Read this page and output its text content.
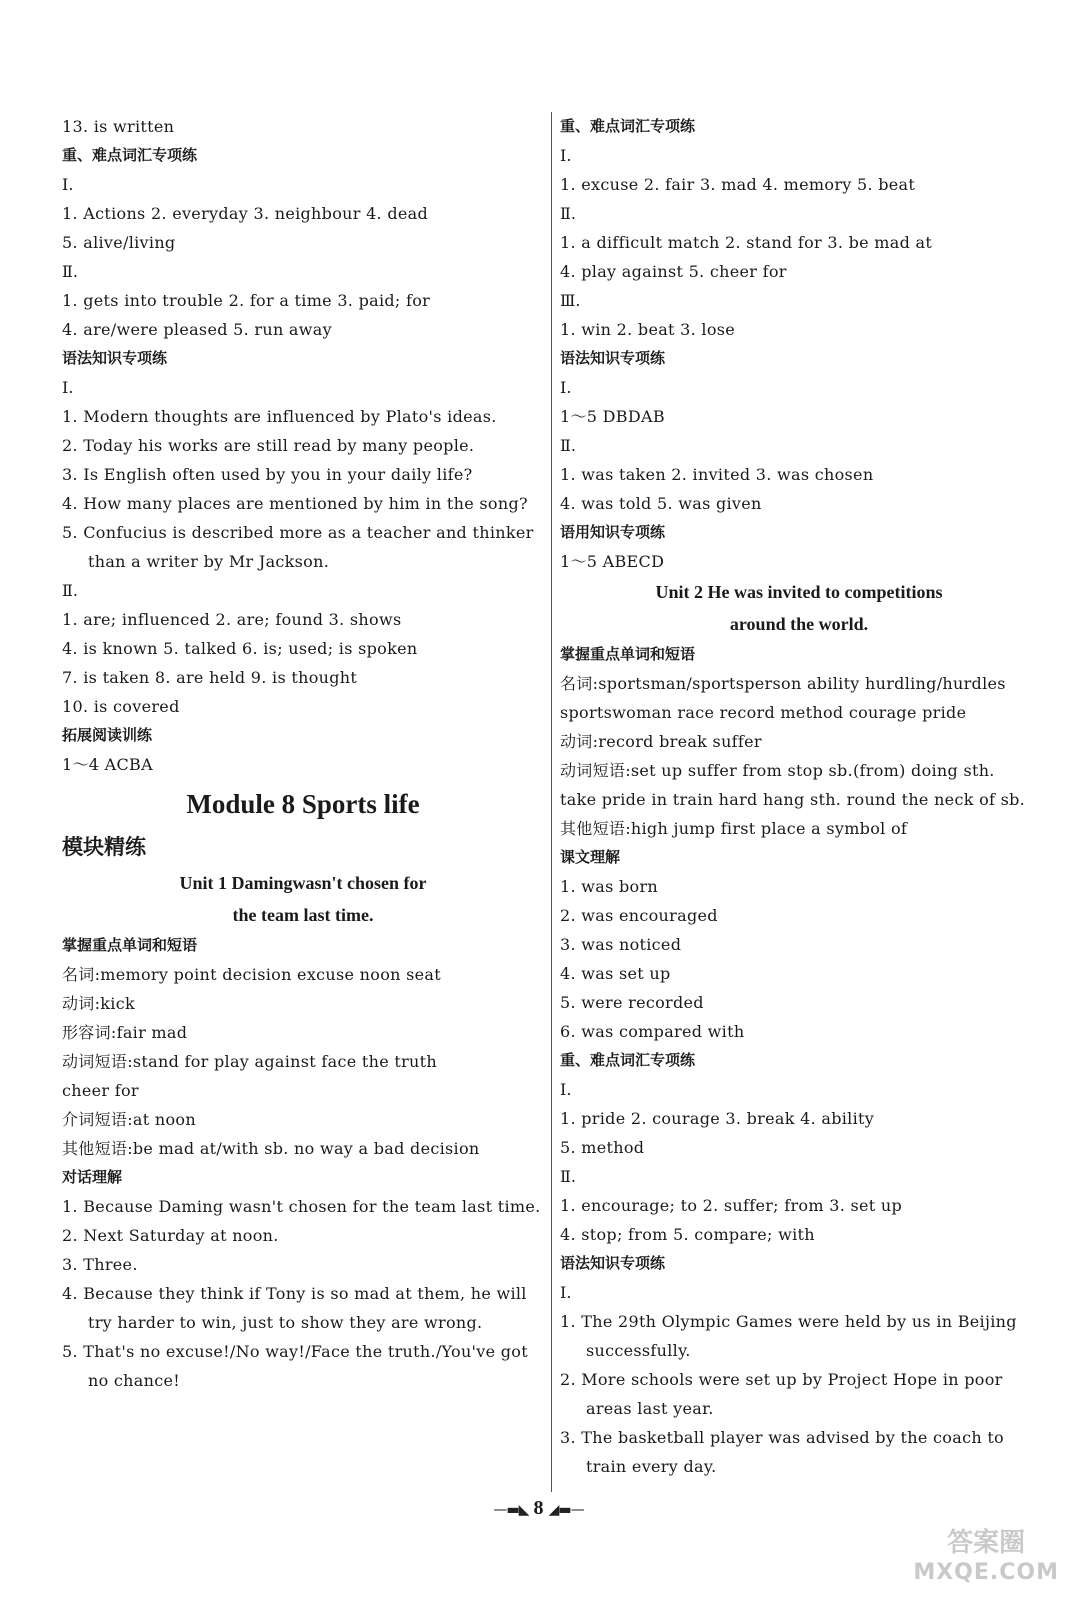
13. is written
重、难点词汇专项练
Ⅰ.
1. Actions 2. everyday 3. neighbour 4. dead
5. alive/living
Ⅱ.
1. gets into trouble 2. for a time 3. paid; for
4. are/were pleased 5. run away
语法知识专项练
Ⅰ.
1. Modern thoughts are influenced by Plato's ideas.
2. Today his works are still read by many people.
3. Is English often used by you in your daily life?
4. How many places are mentioned by him in the song?
5. Confucius is described more as a teacher and thinker than a writer by Mr Jackson.
Ⅱ.
1. are; influenced 2. are; found 3. shows
4. is known 5. talked 6. is; used; is spoken
7. is taken 8. are held 9. is thought
10. is covered
拓展阅读训练
1～4 ACBA
Module 8 Sports life
模块精练
Unit 1 Damingwasn't chosen for
the team last time.
掌握重点单词和短语
名词:memory point decision excuse noon seat
动词:kick
形容词:fair mad
动词短语:stand for play against face the truth
cheer for
介词短语:at noon
其他短语:be mad at/with sb. no way a bad decision
对话理解
1. Because Daming wasn't chosen for the team last time.
2. Next Saturday at noon.
3. Three.
4. Because they think if Tony is so mad at them, he will try harder to win, just to show they are wrong.
5. That's no excuse!/No way!/Face the truth./You've got no chance!
重、难点词汇专项练
Ⅰ.
1. excuse 2. fair 3. mad 4. memory 5. beat
Ⅱ.
1. a difficult match 2. stand for 3. be mad at
4. play against 5. cheer for
Ⅲ.
1. win 2. beat 3. lose
语法知识专项练
Ⅰ.
1～5 DBDAB
Ⅱ.
1. was taken 2. invited 3. was chosen
4. was told 5. was given
语用知识专项练
1～5 ABECD
Unit 2 He was invited to competitions
around the world.
掌握重点单词和短语
名词:sportsman/sportsperson ability hurdling/hurdles
sportswoman race record method courage pride
动词:record break suffer
动词短语:set up suffer from stop sb.(from) doing sth.
take pride in train hard hang sth. round the neck of sb.
其他短语:high jump first place a symbol of
课文理解
1. was born
2. was encouraged
3. was noticed
4. was set up
5. were recorded
6. was compared with
重、难点词汇专项练
Ⅰ.
1. pride 2. courage 3. break 4. ability
5. method
Ⅱ.
1. encourage; to 2. suffer; from 3. set up
4. stop; from 5. compare; with
语法知识专项练
Ⅰ.
1. The 29th Olympic Games were held by us in Beijing successfully.
2. More schools were set up by Project Hope in poor areas last year.
3. The basketball player was advised by the coach to train every day.
—▬◣ 8 ◢▬—
答案圈
MXQE.COM
